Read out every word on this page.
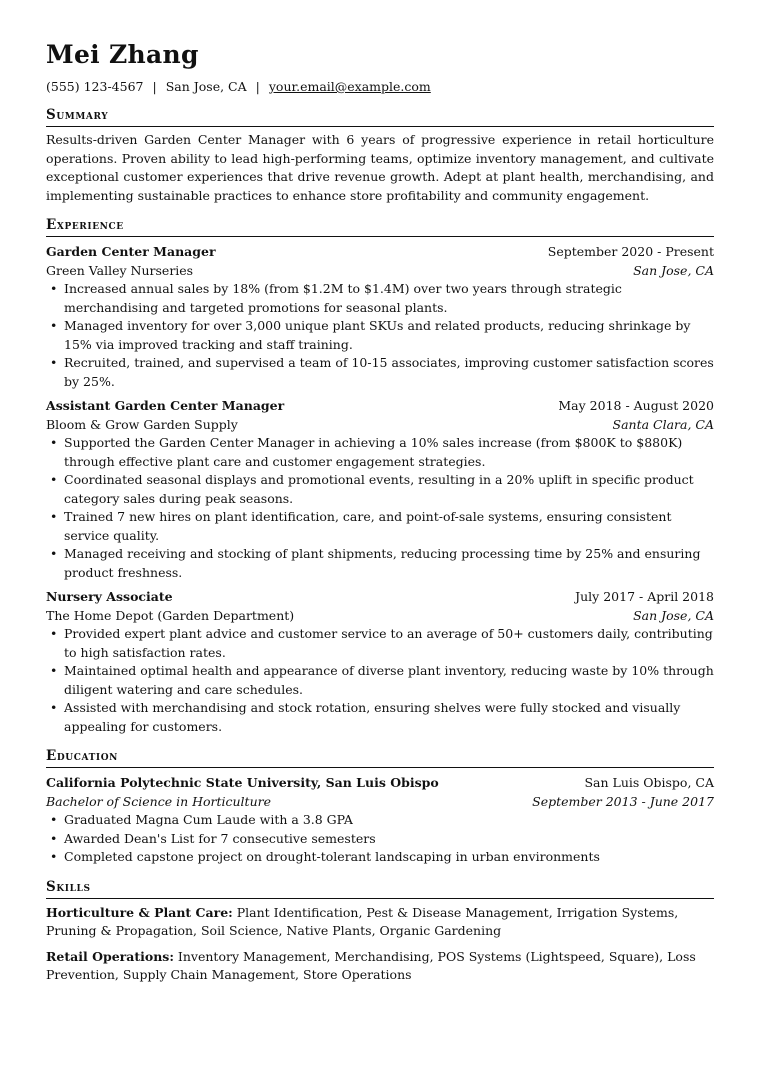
Mei Zhang
(555) 123-4567 | San Jose, CA | your.email@example.com
Summary
Results-driven Garden Center Manager with 6 years of progressive experience in retail horticulture operations. Proven ability to lead high-performing teams, optimize inventory management, and cultivate exceptional customer experiences that drive revenue growth. Adept at plant health, merchandising, and implementing sustainable practices to enhance store profitability and community engagement.
Experience
Garden Center Manager	September 2020 - Present
Green Valley Nurseries	San Jose, CA
• Increased annual sales by 18% (from $1.2M to $1.4M) over two years through strategic merchandising and targeted promotions for seasonal plants.
• Managed inventory for over 3,000 unique plant SKUs and related products, reducing shrinkage by 15% via improved tracking and staff training.
• Recruited, trained, and supervised a team of 10-15 associates, improving customer satisfaction scores by 25%.
Assistant Garden Center Manager	May 2018 - August 2020
Bloom & Grow Garden Supply	Santa Clara, CA
• Supported the Garden Center Manager in achieving a 10% sales increase (from $800K to $880K) through effective plant care and customer engagement strategies.
• Coordinated seasonal displays and promotional events, resulting in a 20% uplift in specific product category sales during peak seasons.
• Trained 7 new hires on plant identification, care, and point-of-sale systems, ensuring consistent service quality.
• Managed receiving and stocking of plant shipments, reducing processing time by 25% and ensuring product freshness.
Nursery Associate	July 2017 - April 2018
The Home Depot (Garden Department)	San Jose, CA
• Provided expert plant advice and customer service to an average of 50+ customers daily, contributing to high satisfaction rates.
• Maintained optimal health and appearance of diverse plant inventory, reducing waste by 10% through diligent watering and care schedules.
• Assisted with merchandising and stock rotation, ensuring shelves were fully stocked and visually appealing for customers.
Education
California Polytechnic State University, San Luis Obispo	San Luis Obispo, CA
Bachelor of Science in Horticulture	September 2013 - June 2017
• Graduated Magna Cum Laude with a 3.8 GPA
• Awarded Dean's List for 7 consecutive semesters
• Completed capstone project on drought-tolerant landscaping in urban environments
Skills
Horticulture & Plant Care: Plant Identification, Pest & Disease Management, Irrigation Systems, Pruning & Propagation, Soil Science, Native Plants, Organic Gardening
Retail Operations: Inventory Management, Merchandising, POS Systems (Lightspeed, Square), Loss Prevention, Supply Chain Management, Store Operations
